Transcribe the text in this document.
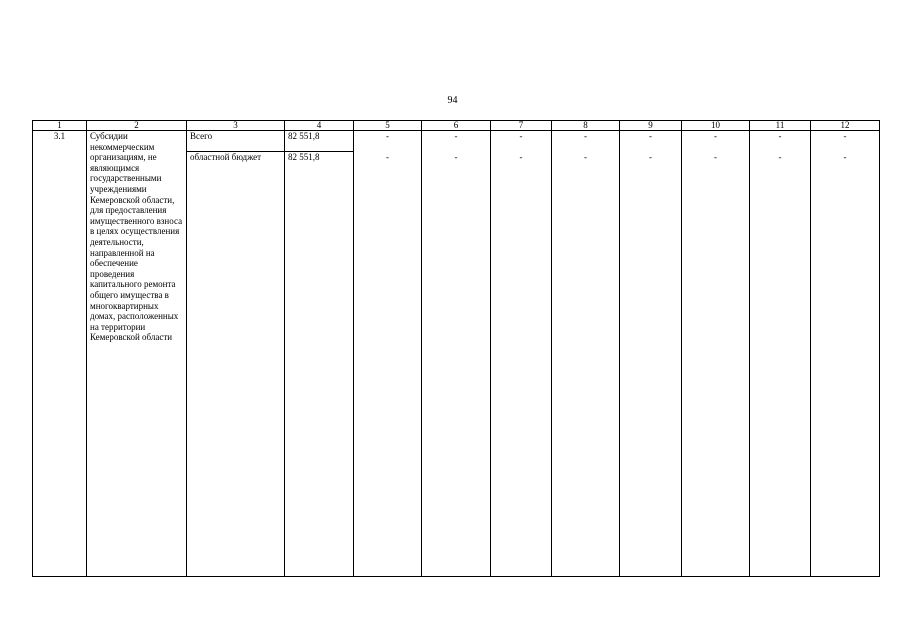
94
1	2	3	4	5	6	7	8	9	10	11	12
3.1	Субсидии некоммерческим организациям, не являющимся государственными учреждениями Кемеровской области, для предоставления имущественного взноса в целях осуществления деятельности, направленной на обеспечение проведения капитального ремонта общего имущества в многоквартирных домах, расположенных на территории Кемеровской области	Всего	82 551,8	-	-	-	-	-	-	-	-
		областной бюджет	82 551,8	-	-	-	-	-	-	-	-
